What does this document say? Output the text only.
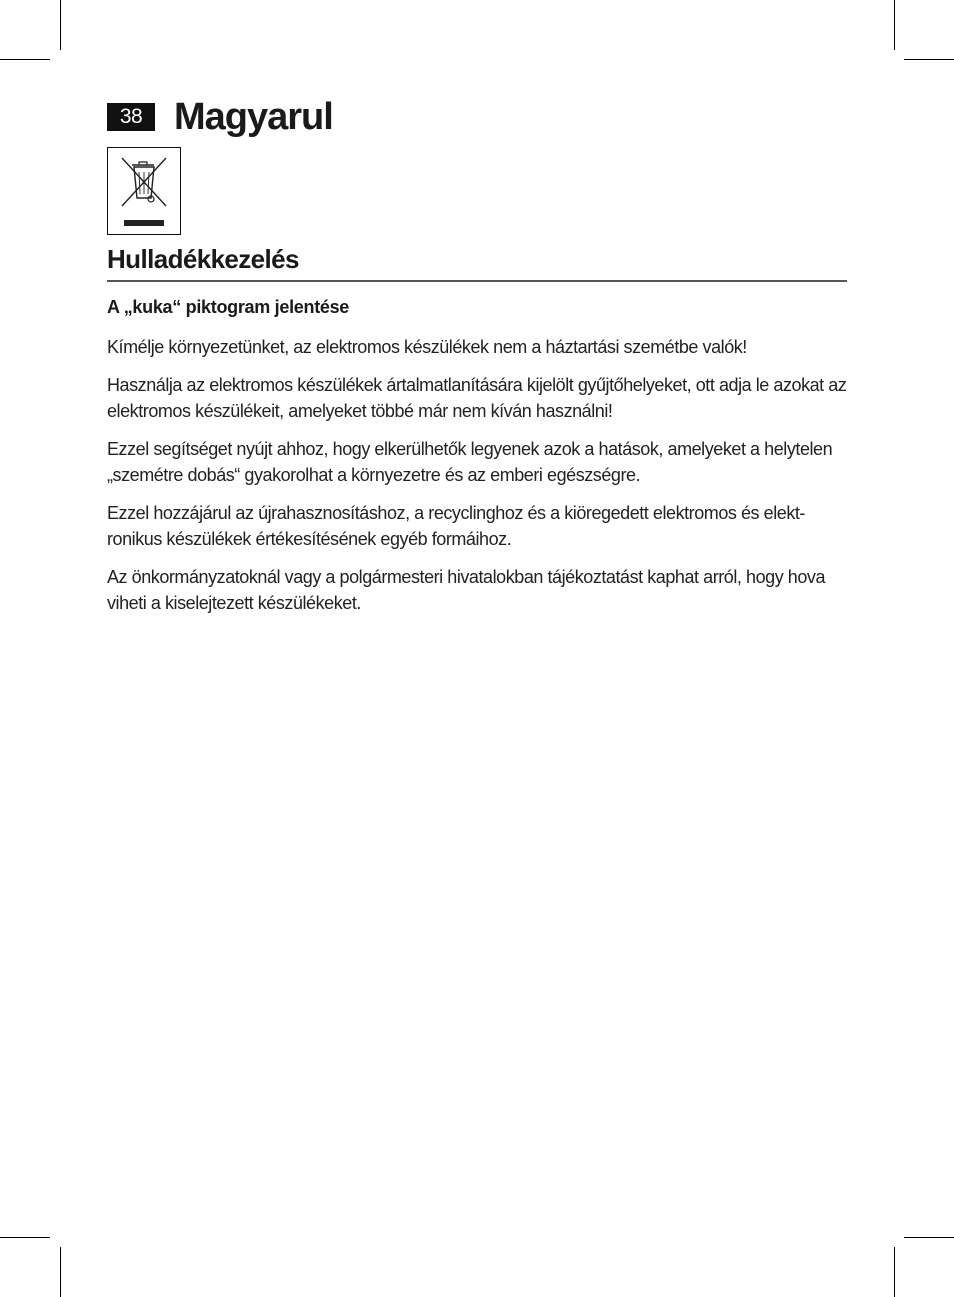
38 Magyarul
Hulladékkezelés

A „kuka“ piktogram jelentése

Kímélje környezetünket, az elektromos készülékek nem a háztartási szemétbe valók!

Használja az elektromos készülékek ártalmatlanítására kijelölt gyűjtőhelyeket, ott adja le azokat az elektromos készülékeit, amelyeket többé már nem kíván használni!

Ezzel segítséget nyújt ahhoz, hogy elkerülhetők legyenek azok a hatások, amelyeket a helytelen „szemétre dobás“ gyakorolhat a környezetre és az emberi egészségre.

Ezzel hozzájárul az újrahasznosításhoz, a recyclinghoz és a kiöregedett elektromos és elekt-ronikus készülékek értékesítésének egyéb formáihoz.

Az önkormányzatoknál vagy a polgármesteri hivatalokban tájékoztatást kaphat arról, hogy hova viheti a kiselejtezett készülékeket.
